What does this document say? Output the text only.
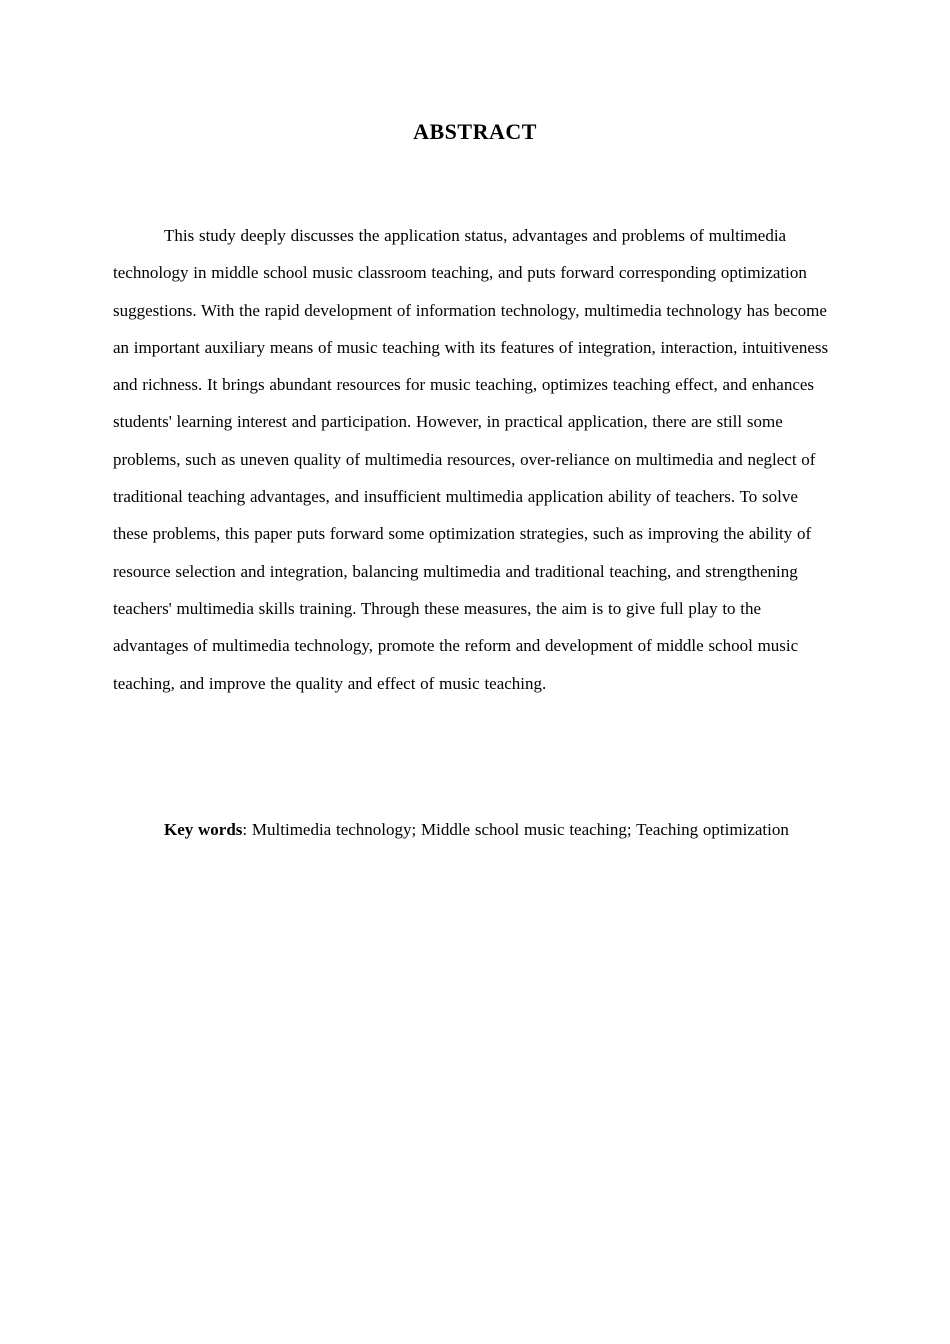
ABSTRACT

This study deeply discusses the application status, advantages and problems of multimedia technology in middle school music classroom teaching, and puts forward corresponding optimization suggestions. With the rapid development of information technology, multimedia technology has become an important auxiliary means of music teaching with its features of integration, interaction, intuitiveness and richness. It brings abundant resources for music teaching, optimizes teaching effect, and enhances students' learning interest and participation. However, in practical application, there are still some problems, such as uneven quality of multimedia resources, over-reliance on multimedia and neglect of traditional teaching advantages, and insufficient multimedia application ability of teachers. To solve these problems, this paper puts forward some optimization strategies, such as improving the ability of resource selection and integration, balancing multimedia and traditional teaching, and strengthening teachers' multimedia skills training. Through these measures, the aim is to give full play to the advantages of multimedia technology, promote the reform and development of middle school music teaching, and improve the quality and effect of music teaching.

Key words: Multimedia technology; Middle school music teaching; Teaching optimization
